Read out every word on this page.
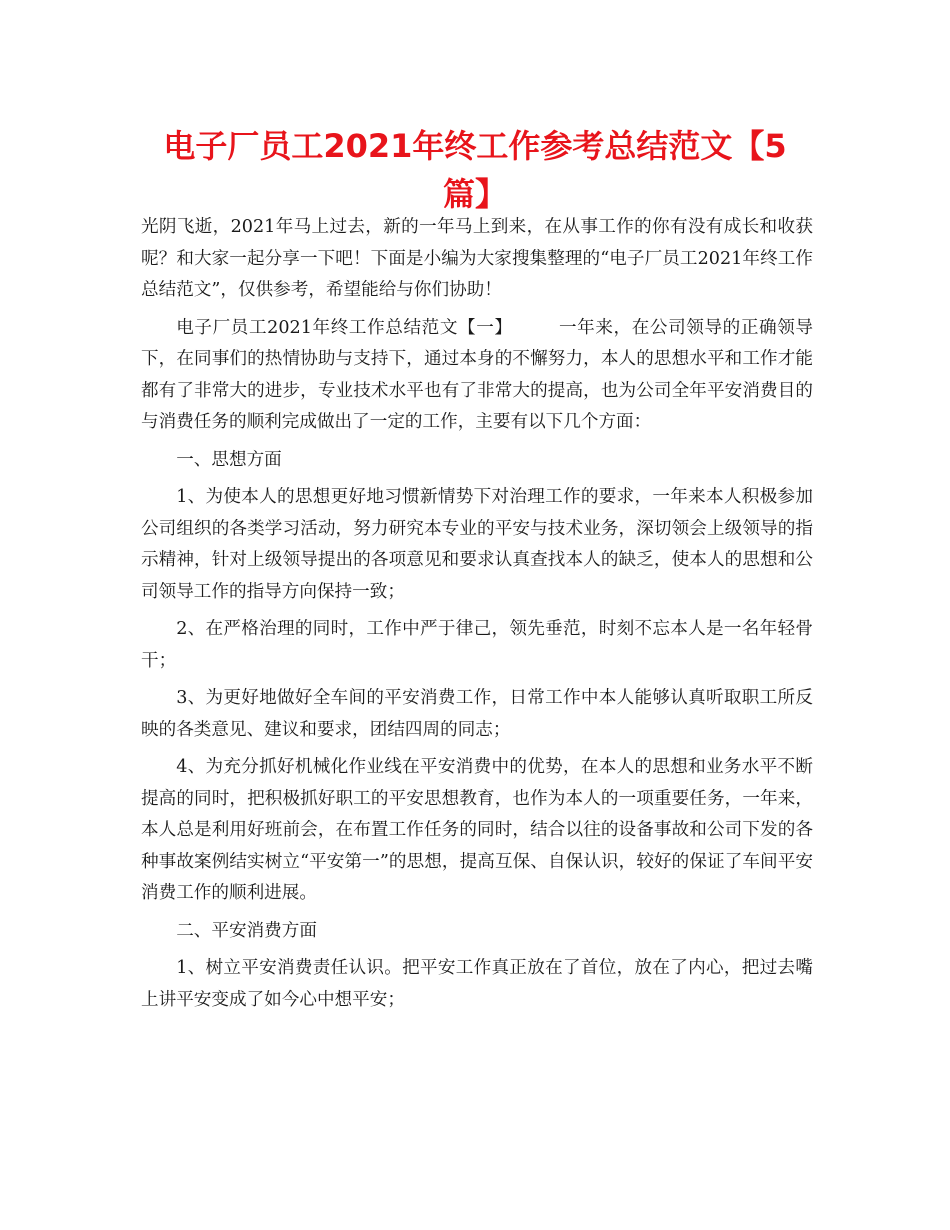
电子厂员工2021年终工作参考总结范文【5篇】

光阴飞逝，2021年马上过去，新的一年马上到来，在从事工作的你有没有成长和收获呢？和大家一起分享一下吧！下面是小编为大家搜集整理的“电子厂员工2021年终工作总结范文”，仅供参考，希望能给与你们协助！

电子厂员工2021年终工作总结范文【一】	一年来，在公司领导的正确领导下，在同事们的热情协助与支持下，通过本身的不懈努力，本人的思想水平和工作才能都有了非常大的进步，专业技术水平也有了非常大的提高，也为公司全年平安消费目的与消费任务的顺利完成做出了一定的工作，主要有以下几个方面：

一、思想方面

1、为使本人的思想更好地习惯新情势下对治理工作的要求，一年来本人积极参加公司组织的各类学习活动，努力研究本专业的平安与技术业务，深切领会上级领导的指示精神，针对上级领导提出的各项意见和要求认真查找本人的缺乏，使本人的思想和公司领导工作的指导方向保持一致；

2、在严格治理的同时，工作中严于律己，领先垂范，时刻不忘本人是一名年轻骨干；

3、为更好地做好全车间的平安消费工作，日常工作中本人能够认真听取职工所反映的各类意见、建议和要求，团结四周的同志；

4、为充分抓好机械化作业线在平安消费中的优势，在本人的思想和业务水平不断提高的同时，把积极抓好职工的平安思想教育，也作为本人的一项重要任务，一年来，本人总是利用好班前会，在布置工作任务的同时，结合以往的设备事故和公司下发的各种事故案例结实树立“平安第一”的思想，提高互保、自保认识，较好的保证了车间平安消费工作的顺利进展。

二、平安消费方面

1、树立平安消费责任认识。把平安工作真正放在了首位，放在了内心，把过去嘴上讲平安变成了如今心中想平安；
